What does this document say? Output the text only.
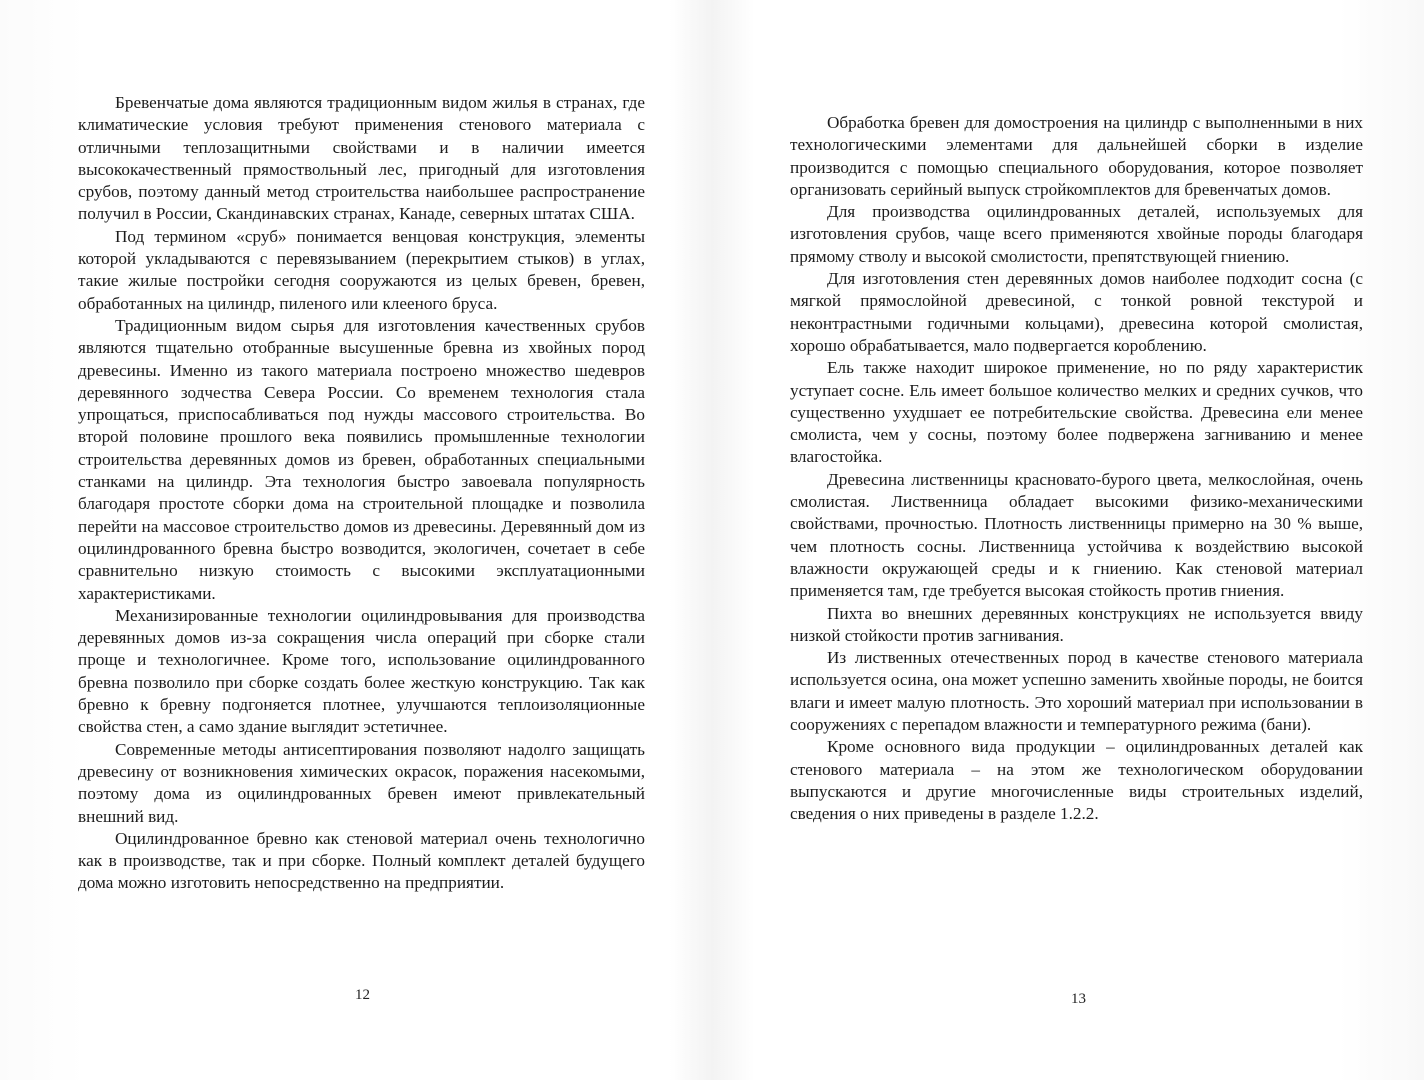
Бревенчатые дома являются традиционным видом жилья в странах, где климатические условия требуют применения стенового материала с отличными теплозащитными свойствами и в наличии имеется высококачественный прямоствольный лес, пригодный для изготовления срубов, поэтому данный метод строительства наибольшее распространение получил в России, Скандинавских странах, Канаде, северных штатах США.

Под термином «сруб» понимается венцовая конструкция, элементы которой укладываются с перевязыванием (перекрытием стыков) в углах, такие жилые постройки сегодня сооружаются из целых бревен, бревен, обработанных на цилиндр, пиленого или клееного бруса.

Традиционным видом сырья для изготовления качественных срубов являются тщательно отобранные высушенные бревна из хвойных пород древесины. Именно из такого материала построено множество шедевров деревянного зодчества Севера России. Со временем технология стала упрощаться, приспосабливаться под нужды массового строительства. Во второй половине прошлого века появились промышленные технологии строительства деревянных домов из бревен, обработанных специальными станками на цилиндр. Эта технология быстро завоевала популярность благодаря простоте сборки дома на строительной площадке и позволила перейти на массовое строительство домов из древесины. Деревянный дом из оцилиндрованного бревна быстро возводится, экологичен, сочетает в себе сравнительно низкую стоимость с высокими эксплуатационными характеристиками.

Механизированные технологии оцилиндровывания для производства деревянных домов из-за сокращения числа операций при сборке стали проще и технологичнее. Кроме того, использование оцилиндрованного бревна позволило при сборке создать более жесткую конструкцию. Так как бревно к бревну подгоняется плотнее, улучшаются теплоизоляционные свойства стен, а само здание выглядит эстетичнее.

Современные методы антисептирования позволяют надолго защищать древесину от возникновения химических окрасок, поражения насекомыми, поэтому дома из оцилиндрованных бревен имеют привлекательный внешний вид.

Оцилиндрованное бревно как стеновой материал очень технологично как в производстве, так и при сборке. Полный комплект деталей будущего дома можно изготовить непосредственно на предприятии.

12

Обработка бревен для домостроения на цилиндр с выполненными в них технологическими элементами для дальнейшей сборки в изделие производится с помощью специального оборудования, которое позволяет организовать серийный выпуск стройкомплектов для бревенчатых домов.

Для производства оцилиндрованных деталей, используемых для изготовления срубов, чаще всего применяются хвойные породы благодаря прямому стволу и высокой смолистости, препятствующей гниению.

Для изготовления стен деревянных домов наиболее подходит сосна (с мягкой прямослойной древесиной, с тонкой ровной текстурой и неконтрастными годичными кольцами), древесина которой смолистая, хорошо обрабатывается, мало подвергается короблению.

Ель также находит широкое применение, но по ряду характеристик уступает сосне. Ель имеет большое количество мелких и средних сучков, что существенно ухудшает ее потребительские свойства. Древесина ели менее смолиста, чем у сосны, поэтому более подвержена загниванию и менее влагостойка.

Древесина лиственницы красновато-бурого цвета, мелкослойная, очень смолистая. Лиственница обладает высокими физико-механическими свойствами, прочностью. Плотность лиственницы примерно на 30 % выше, чем плотность сосны. Лиственница устойчива к воздействию высокой влажности окружающей среды и к гниению. Как стеновой материал применяется там, где требуется высокая стойкость против гниения.

Пихта во внешних деревянных конструкциях не используется ввиду низкой стойкости против загнивания.

Из лиственных отечественных пород в качестве стенового материала используется осина, она может успешно заменить хвойные породы, не боится влаги и имеет малую плотность. Это хороший материал при использовании в сооружениях с перепадом влажности и температурного режима (бани).

Кроме основного вида продукции – оцилиндрованных деталей как стенового материала – на этом же технологическом оборудовании выпускаются и другие многочисленные виды строительных изделий, сведения о них приведены в разделе 1.2.2.

13
